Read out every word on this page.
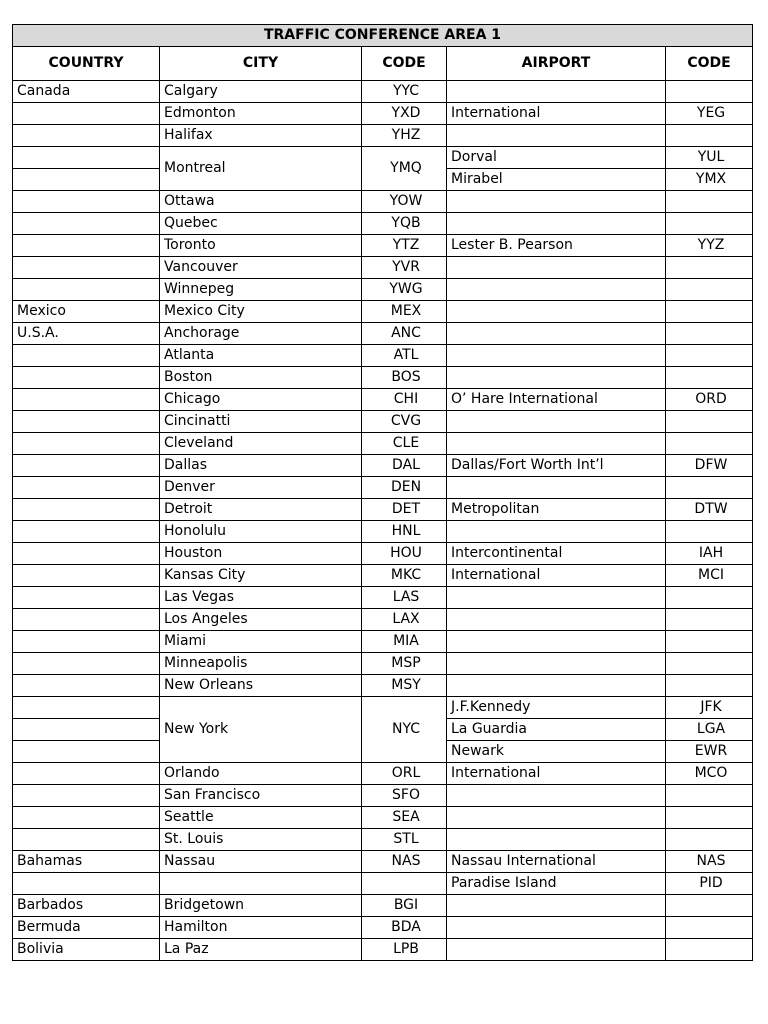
TRAFFIC CONFERENCE AREA 1				
COUNTRY	CITY	CODE	AIRPORT	CODE
Canada	Calgary	YYC		
	Edmonton	YXD	International	YEG
	Halifax	YHZ		
	Montreal	YMQ	Dorval	YUL
			Mirabel	YMX
	Ottawa	YOW		
	Quebec	YQB		
	Toronto	YTZ	Lester B. Pearson	YYZ
	Vancouver	YVR		
	Winnepeg	YWG		
Mexico	Mexico City	MEX		
U.S.A.	Anchorage	ANC		
	Atlanta	ATL		
	Boston	BOS		
	Chicago	CHI	O’ Hare International	ORD
	Cincinatti	CVG		
	Cleveland	CLE		
	Dallas	DAL	Dallas/Fort Worth Int’l	DFW
	Denver	DEN		
	Detroit	DET	Metropolitan	DTW
	Honolulu	HNL		
	Houston	HOU	Intercontinental	IAH
	Kansas City	MKC	International	MCI
	Las Vegas	LAS		
	Los Angeles	LAX		
	Miami	MIA		
	Minneapolis	MSP		
	New Orleans	MSY		
	New York	NYC	J.F.Kennedy	JFK
			La Guardia	LGA
			Newark	EWR
	Orlando	ORL	International	MCO
	San Francisco	SFO		
	Seattle	SEA		
	St. Louis	STL		
Bahamas	Nassau	NAS	Nassau International	NAS
			Paradise Island	PID
Barbados	Bridgetown	BGI		
Bermuda	Hamilton	BDA		
Bolivia	La Paz	LPB		
